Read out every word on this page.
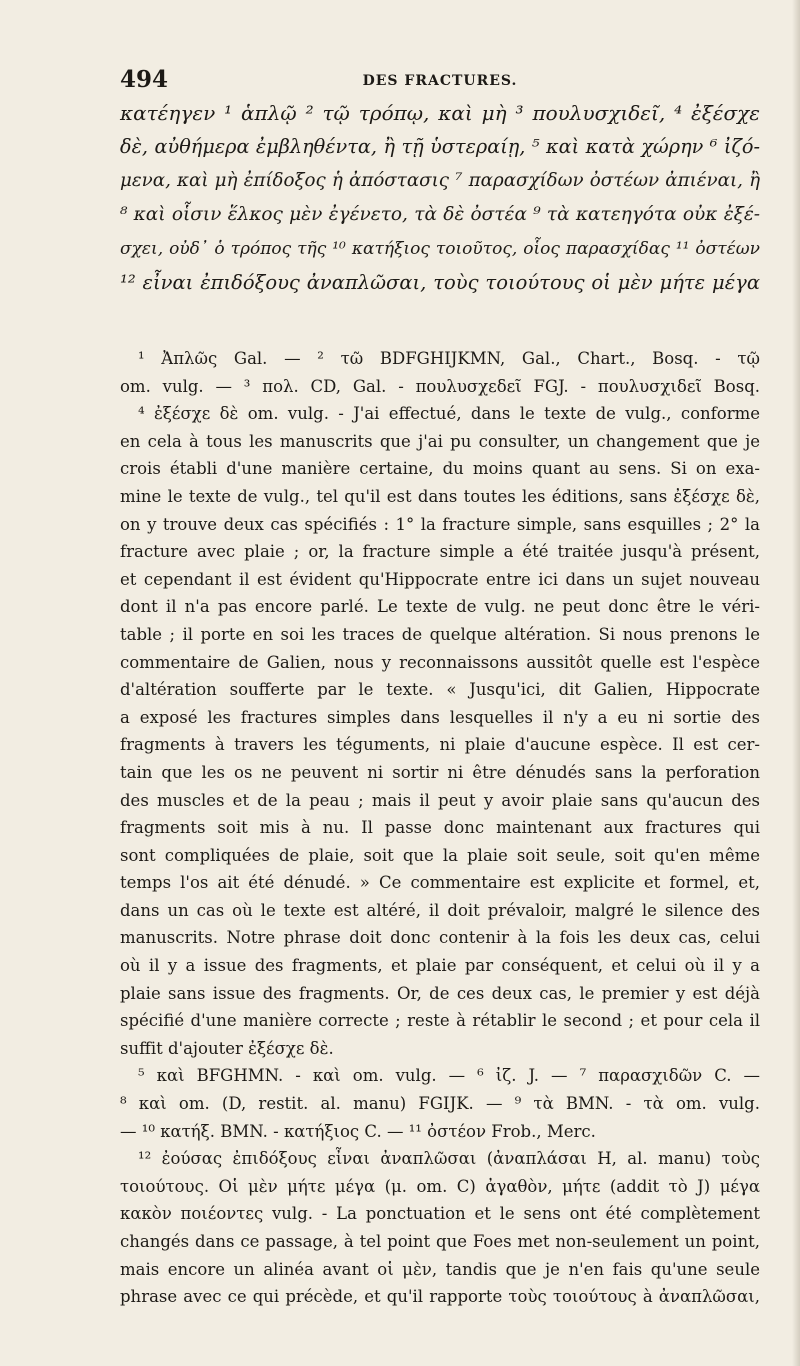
494	DES FRACTURES.
κατέηγεν ¹ ἁπλῷ ² τῷ τρόπῳ, καὶ μὴ ³ πουλυσχιδεῖ, ⁴ ἐξέσχε
δὲ, αὐθήμερα ἐμβληθέντα, ἢ τῇ ὑστεραίῃ, ⁵ καὶ κατὰ χώρην ⁶ ἰζό-
μενα, καὶ μὴ ἐπίδοξος ἡ ἀπόστασις ⁷ παρασχίδων ὀστέων ἀπιέναι, ἢ
⁸ καὶ οἷσιν ἕλκος μὲν ἐγένετο, τὰ δὲ ὀστέα ⁹ τὰ κατεηγότα οὐκ ἐξέ-
σχει, οὐδ᾽ ὁ τρόπος τῆς ¹⁰ κατήξιος τοιοῦτος, οἷος παρασχίδας ¹¹ ὀστέων
¹² εἶναι ἐπιδόξους ἀναπλῶσαι, τοὺς τοιούτους οἱ μὲν μήτε μέγα
¹ Ἀπλῶς Gal. — ² τῶ BDFGHIJKMN, Gal., Chart., Bosq. - τῷ
om. vulg. — ³ πολ. CD, Gal. - πουλυσχεδεῖ FGJ. - πουλυσχιδεῖ Bosq.
⁴ ἐξέσχε δὲ om. vulg. - J'ai effectué, dans le texte de vulg., conforme
en cela à tous les manuscrits que j'ai pu consulter, un changement que je
crois établi d'une manière certaine, du moins quant au sens. Si on exa-
mine le texte de vulg., tel qu'il est dans toutes les éditions, sans ἐξέσχε δὲ,
on y trouve deux cas spécifiés : 1° la fracture simple, sans esquilles ; 2° la
fracture avec plaie ; or, la fracture simple a été traitée jusqu'à présent,
et cependant il est évident qu'Hippocrate entre ici dans un sujet nouveau
dont il n'a pas encore parlé. Le texte de vulg. ne peut donc être le véri-
table ; il porte en soi les traces de quelque altération. Si nous prenons le
commentaire de Galien, nous y reconnaissons aussitôt quelle est l'espèce
d'altération soufferte par le texte. « Jusqu'ici, dit Galien, Hippocrate
a exposé les fractures simples dans lesquelles il n'y a eu ni sortie des
fragments à travers les téguments, ni plaie d'aucune espèce. Il est cer-
tain que les os ne peuvent ni sortir ni être dénudés sans la perforation
des muscles et de la peau ; mais il peut y avoir plaie sans qu'aucun des
fragments soit mis à nu. Il passe donc maintenant aux fractures qui
sont compliquées de plaie, soit que la plaie soit seule, soit qu'en même
temps l'os ait été dénudé. » Ce commentaire est explicite et formel, et,
dans un cas où le texte est altéré, il doit prévaloir, malgré le silence des
manuscrits. Notre phrase doit donc contenir à la fois les deux cas, celui
où il y a issue des fragments, et plaie par conséquent, et celui où il y a
plaie sans issue des fragments. Or, de ces deux cas, le premier y est déjà
spécifié d'une manière correcte ; reste à rétablir le second ; et pour cela il
suffit d'ajouter ἐξέσχε δὲ.
⁵ καὶ BFGHMN. - καὶ om. vulg. — ⁶ ἰζ. J. — ⁷ παρασχιδῶν C. —
⁸ καὶ om. (D, restit. al. manu) FGIJK. — ⁹ τὰ BMN. - τὰ om. vulg.
— ¹⁰ κατήξ. BMN. - κατήξιος C. — ¹¹ ὀστέον Frob., Merc.
¹² ἐούσας ἐπιδόξους εἶναι ἀναπλῶσαι (ἀναπλάσαι H, al. manu) τοὺς
τοιούτους. Οἱ μὲν μήτε μέγα (μ. om. C) ἀγαθὸν, μήτε (addit τὸ J) μέγα
κακὸν ποιέοντες vulg. - La ponctuation et le sens ont été complètement
changés dans ce passage, à tel point que Foes met non-seulement un point,
mais encore un alinéa avant οἱ μὲν, tandis que je n'en fais qu'une seule
phrase avec ce qui précède, et qu'il rapporte τοὺς τοιούτους à ἀναπλῶσαι,
